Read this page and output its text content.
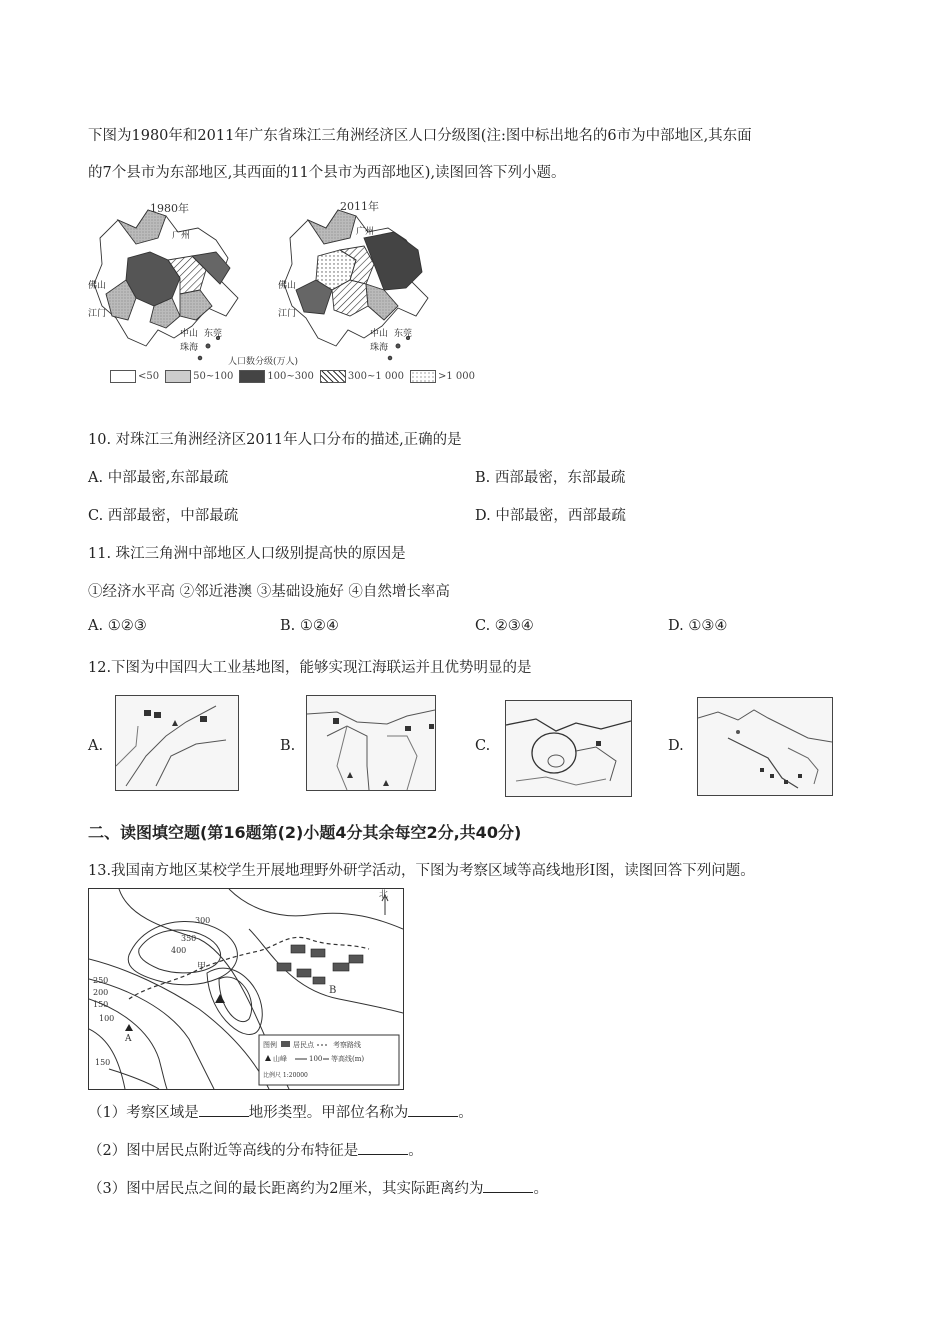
下图为1980年和2011年广东省珠江三角洲经济区人口分级图(注:图中标出地名的6市为中部地区,其东面
的7个县市为东部地区,其西面的11个县市为西部地区),读图回答下列小题。
1980年	2011年
广州
佛山
江门
中山 东莞
珠海
广州
佛山
江门
中山 东莞
珠海
人口数分级(万人)
<50	50~100	100~300	300~1 000	>1 000
10. 对珠江三角洲经济区2011年人口分布的描述,正确的是
A. 中部最密,东部最疏	B. 西部最密，东部最疏
C. 西部最密，中部最疏	D. 中部最密，西部最疏
11. 珠江三角洲中部地区人口级别提高快的原因是
①经济水平高 ②邻近港澳 ③基础设施好 ④自然增长率高
A. ①②③	B. ①②④	C. ②③④	D. ①③④
12.下图为中国四大工业基地图，能够实现江海联运并且优势明显的是
A.	B.	C.	D.
二、读图填空题(第16题第(2)小题4分其余每空2分,共40分)
13.我国南方地区某校学生开展地理野外研学活动，下图为考察区域等高线地形Ⅰ图，读图回答下列问题。
北
300
350
400
250
200
150
100
150
A
B
甲
图例 居民点	考察路线
山峰	100 等高线(m)
比例尺 1:20000
（1）考察区域是	地形类型。甲部位名称为	。
（2）图中居民点附近等高线的分布特征是	。
（3）图中居民点之间的最长距离约为2厘米，其实际距离约为	。
